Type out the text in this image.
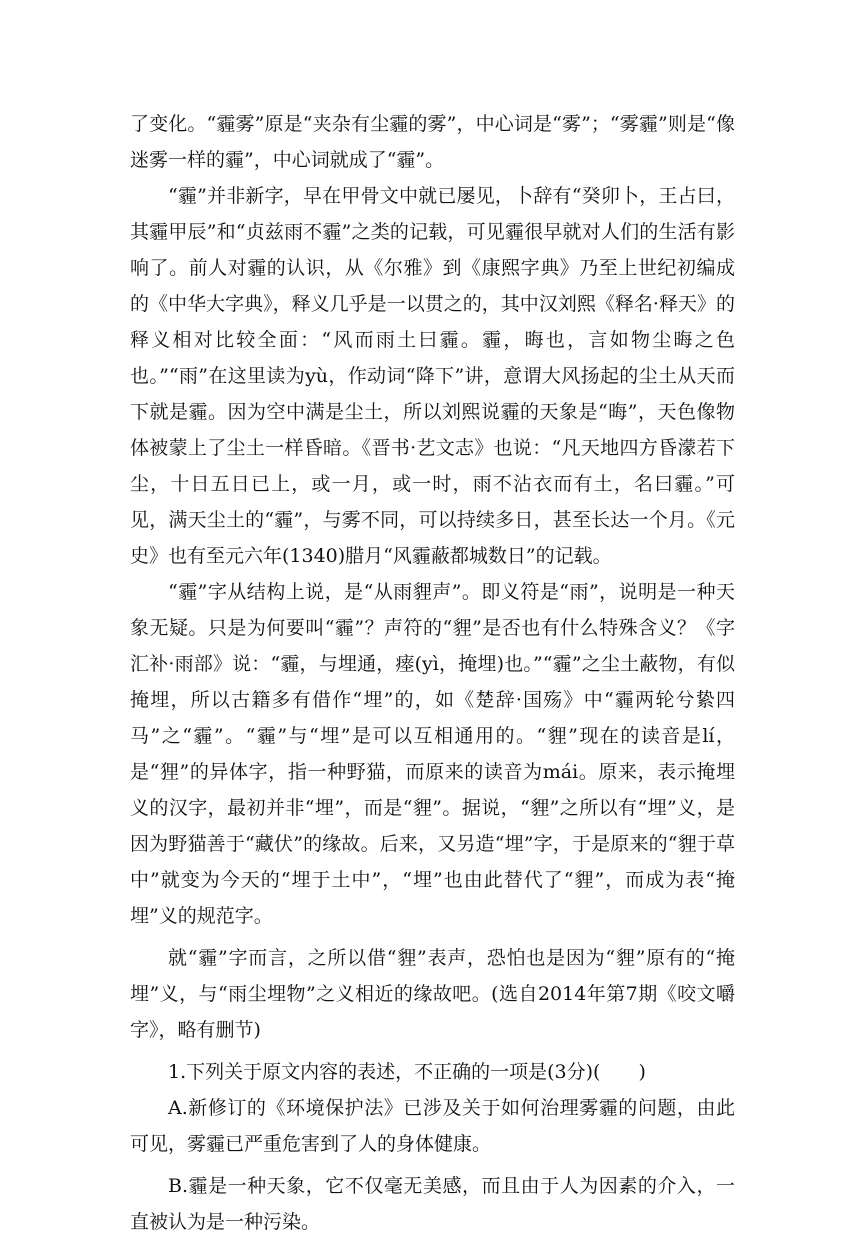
了变化。“霾雾”原是“夹杂有尘霾的雾”，中心词是“雾”；“雾霾”则是“像迷雾一样的霾”，中心词就成了“霾”。

“霾”并非新字，早在甲骨文中就已屡见，卜辞有“癸卯卜，王占曰，其霾甲辰”和“贞兹雨不霾”之类的记载，可见霾很早就对人们的生活有影响了。前人对霾的认识，从《尔雅》到《康熙字典》乃至上世纪初编成的《中华大字典》，释义几乎是一以贯之的，其中汉刘熙《释名·释天》的释义相对比较全面：“风而雨土曰霾。霾，晦也，言如物尘晦之色也。”“雨”在这里读为yù，作动词“降下”讲，意谓大风扬起的尘土从天而下就是霾。因为空中满是尘土，所以刘熙说霾的天象是“晦”，天色像物体被蒙上了尘土一样昏暗。《晋书·艺文志》也说：“凡天地四方昏濛若下尘，十日五日已上，或一月，或一时，雨不沾衣而有土，名曰霾。”可见，满天尘土的“霾”，与雾不同，可以持续多日，甚至长达一个月。《元史》也有至元六年(1340)腊月“风霾蔽都城数日”的记载。

“霾”字从结构上说，是“从雨貍声”。即义符是“雨”，说明是一种天象无疑。只是为何要叫“霾”？声符的“貍”是否也有什么特殊含义？《字汇补·雨部》说：“霾，与埋通，瘗(yì，掩埋)也。”“霾”之尘土蔽物，有似掩埋，所以古籍多有借作“埋”的，如《楚辞·国殇》中“霾两轮兮絷四马”之“霾”。“霾”与“埋”是可以互相通用的。“貍”现在的读音是lí，是“狸”的异体字，指一种野猫，而原来的读音为mái。原来，表示掩埋义的汉字，最初并非“埋”，而是“貍”。据说，“貍”之所以有“埋”义，是因为野猫善于“藏伏”的缘故。后来，又另造“埋”字，于是原来的“貍于草中”就变为今天的“埋于土中”，“埋”也由此替代了“貍”，而成为表“掩埋”义的规范字。

就“霾”字而言，之所以借“貍”表声，恐怕也是因为“貍”原有的“掩埋”义，与“雨尘埋物”之义相近的缘故吧。(选自2014年第7期《咬文嚼字》，略有删节)

1.下列关于原文内容的表述，不正确的一项是(3分)(　　)

A.新修订的《环境保护法》已涉及关于如何治理雾霾的问题，由此可见，雾霾已严重危害到了人的身体健康。

B.霾是一种天象，它不仅毫无美感，而且由于人为因素的介入，一直被认为是一种污染。
